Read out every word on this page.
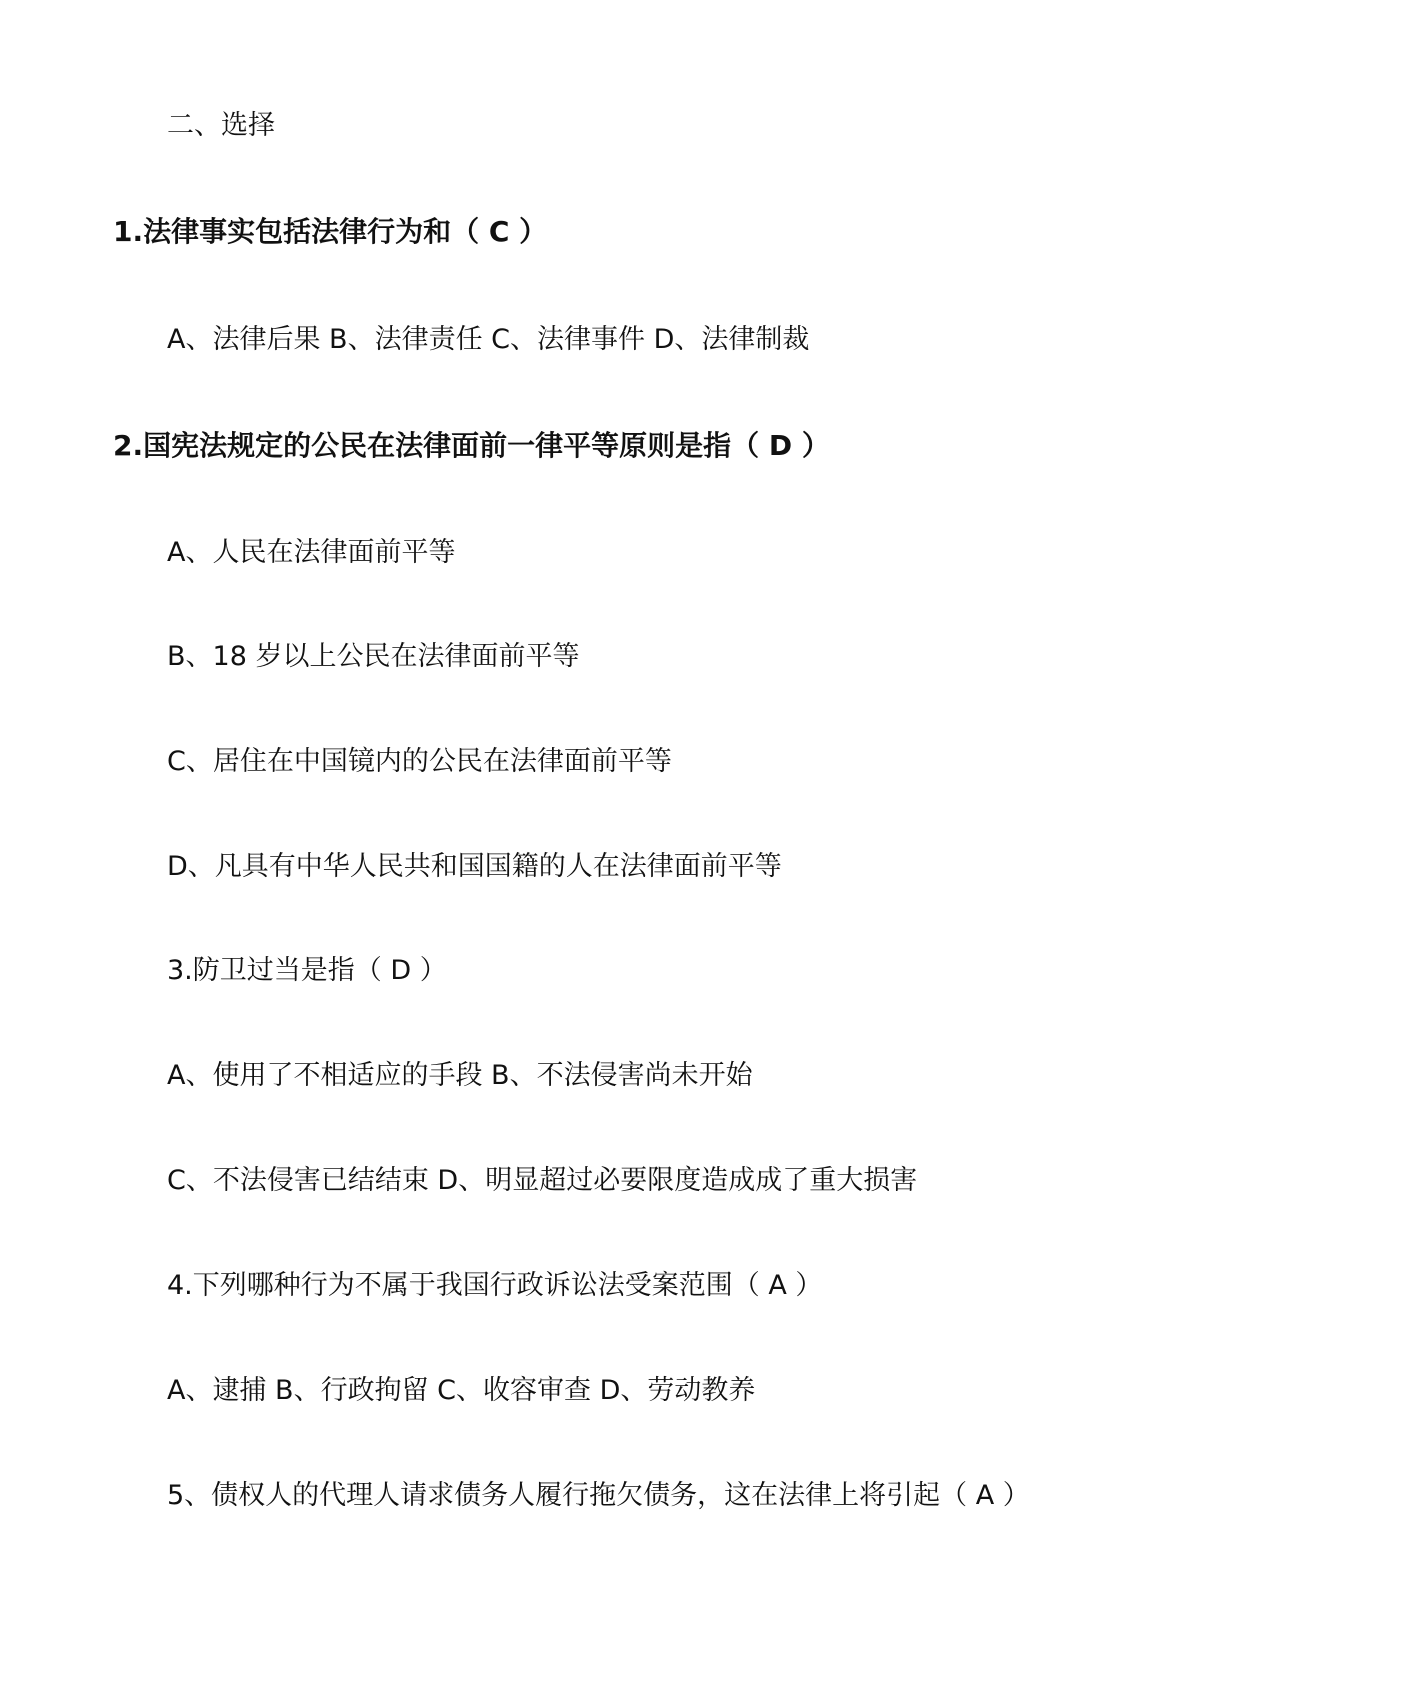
二、选择
1.法律事实包括法律行为和（ C ）
A、法律后果 B、法律责任 C、法律事件 D、法律制裁
2.国宪法规定的公民在法律面前一律平等原则是指（ D ）
A、人民在法律面前平等
B、18 岁以上公民在法律面前平等
C、居住在中国镜内的公民在法律面前平等
D、凡具有中华人民共和国国籍的人在法律面前平等
3.防卫过当是指（ D ）
A、使用了不相适应的手段 B、不法侵害尚未开始
C、不法侵害已结结束 D、明显超过必要限度造成成了重大损害
4.下列哪种行为不属于我国行政诉讼法受案范围（ A ）
A、逮捕 B、行政拘留 C、收容审查 D、劳动教养
5、债权人的代理人请求债务人履行拖欠债务，这在法律上将引起（ A ）
